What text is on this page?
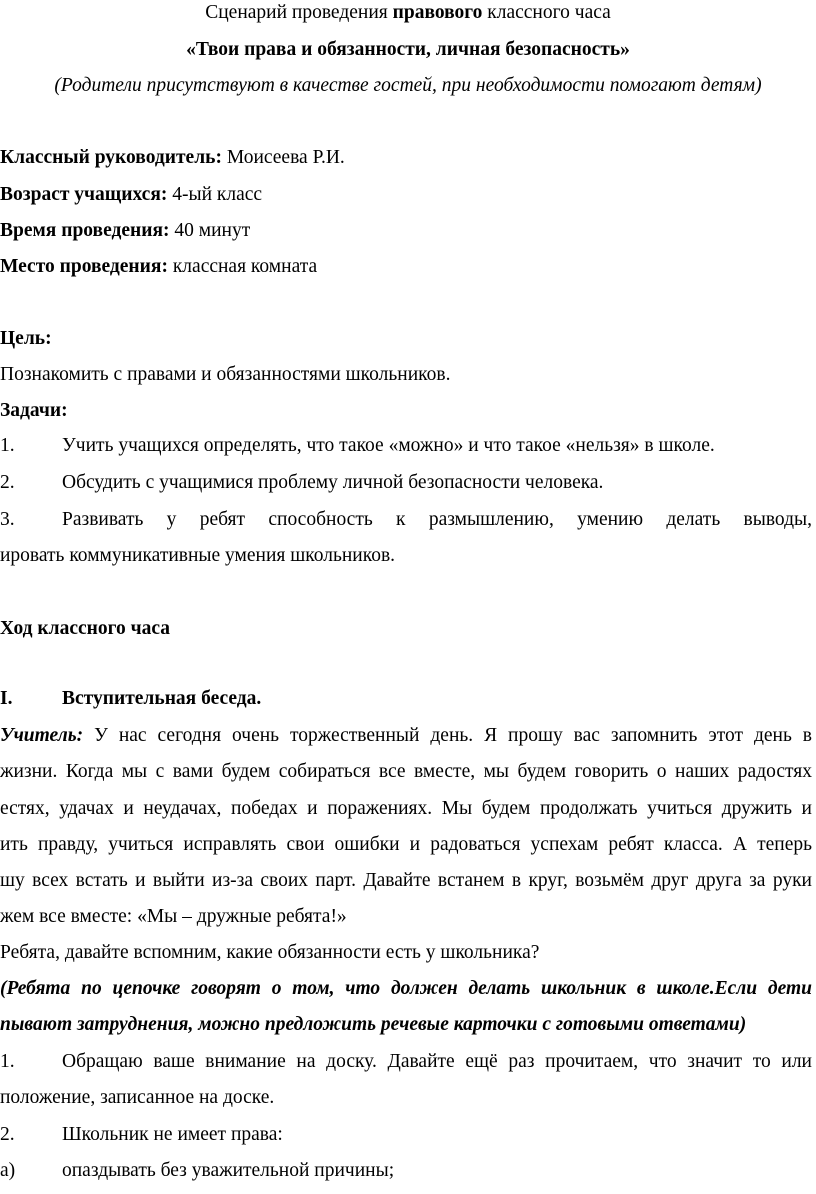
Сценарий проведения правового классного часа
«Твои права и обязанности, личная безопасность»
(Родители присутствуют в качестве гостей, при необходимости помогают детям)
Классный руководитель: Моисеева Р.И.
Возраст учащихся: 4-ый класс
Время проведения: 40 минут
Место проведения: классная комната
Цель:
Познакомить с правами и обязанностями школьников.
Задачи:
1. Учить учащихся определять, что такое «можно» и что такое «нельзя» в школе.
2. Обсудить с учащимися проблему личной безопасности человека.
3. Развивать у ребят способность к размышлению, умению делать выводы,
ировать коммуникативные умения школьников.
Ход классного часа
I.	Вступительная беседа.
Учитель: У нас сегодня очень торжественный день. Я прошу вас запомнить этот день в
жизни. Когда мы с вами будем собираться все вместе, мы будем говорить о наших радостях
естях, удачах и неудачах, победах и поражениях. Мы будем продолжать учиться дружить и
ить правду, учиться исправлять свои ошибки и радоваться успехам ребят класса. А теперь
шу всех встать и выйти из-за своих парт. Давайте встанем в круг, возьмём друг друга за руки
жем все вместе: «Мы – дружные ребята!»
Ребята, давайте вспомним, какие обязанности есть у школьника?
(Ребята по цепочке говорят о том, что должен делать школьник в школе.Если дети
пывают затруднения, можно предложить речевые карточки с готовыми ответами)
1. Обращаю ваше внимание на доску. Давайте ещё раз прочитаем, что значит то или
положение, записанное на доске.
2. Школьник не имеет права:
а) опаздывать без уважительной причины;
